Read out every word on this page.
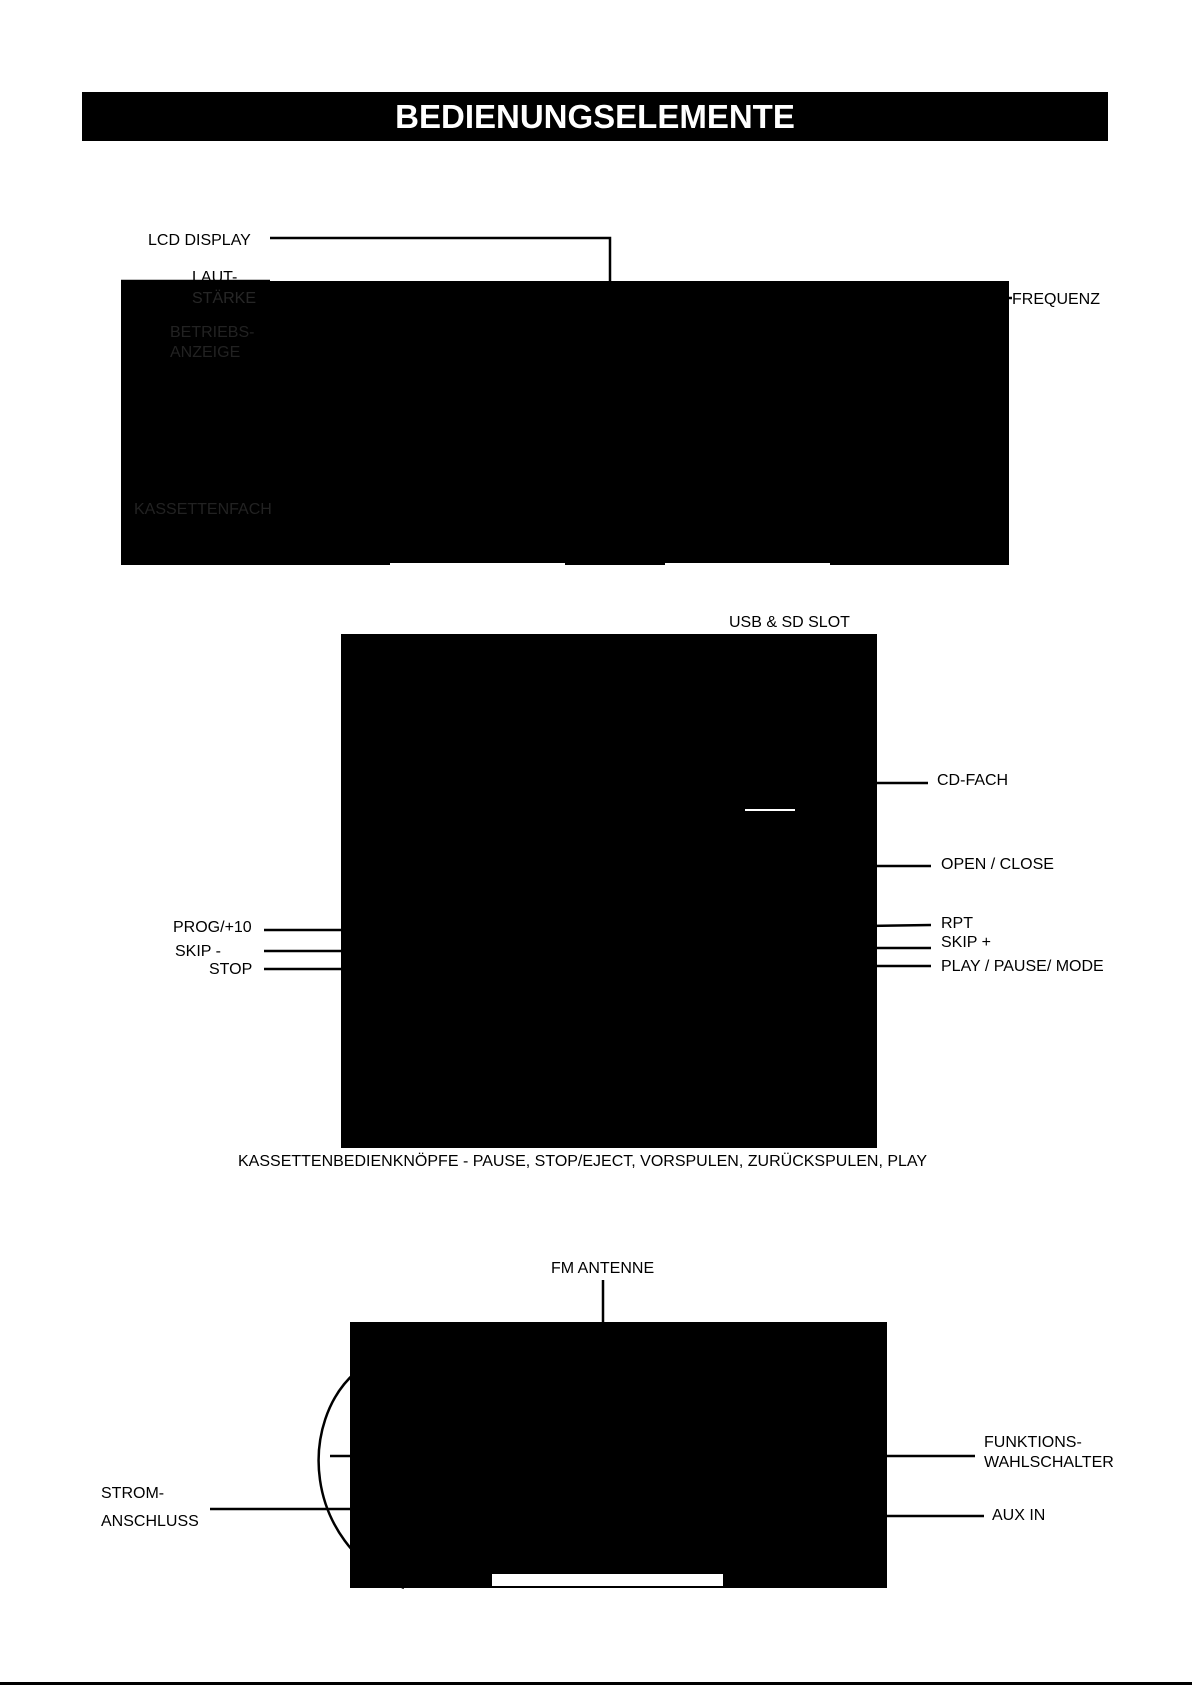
BEDIENUNGSELEMENTE
LCD DISPLAY
LAUT-
STÄRKE
BETRIEBS-
ANZEIGE
FREQUENZ
KASSETTENFACH
USB & SD SLOT
CD-FACH
OPEN / CLOSE
PROG/+10
SKIP -
STOP
RPT
SKIP +
PLAY / PAUSE/ MODE
KASSETTENBEDIENKNÖPFE - PAUSE, STOP/EJECT, VORSPULEN, ZURÜCKSPULEN, PLAY
FM ANTENNE
FUNKTIONS-
WAHLSCHALTER
STROM-
ANSCHLUSS	AUX IN
